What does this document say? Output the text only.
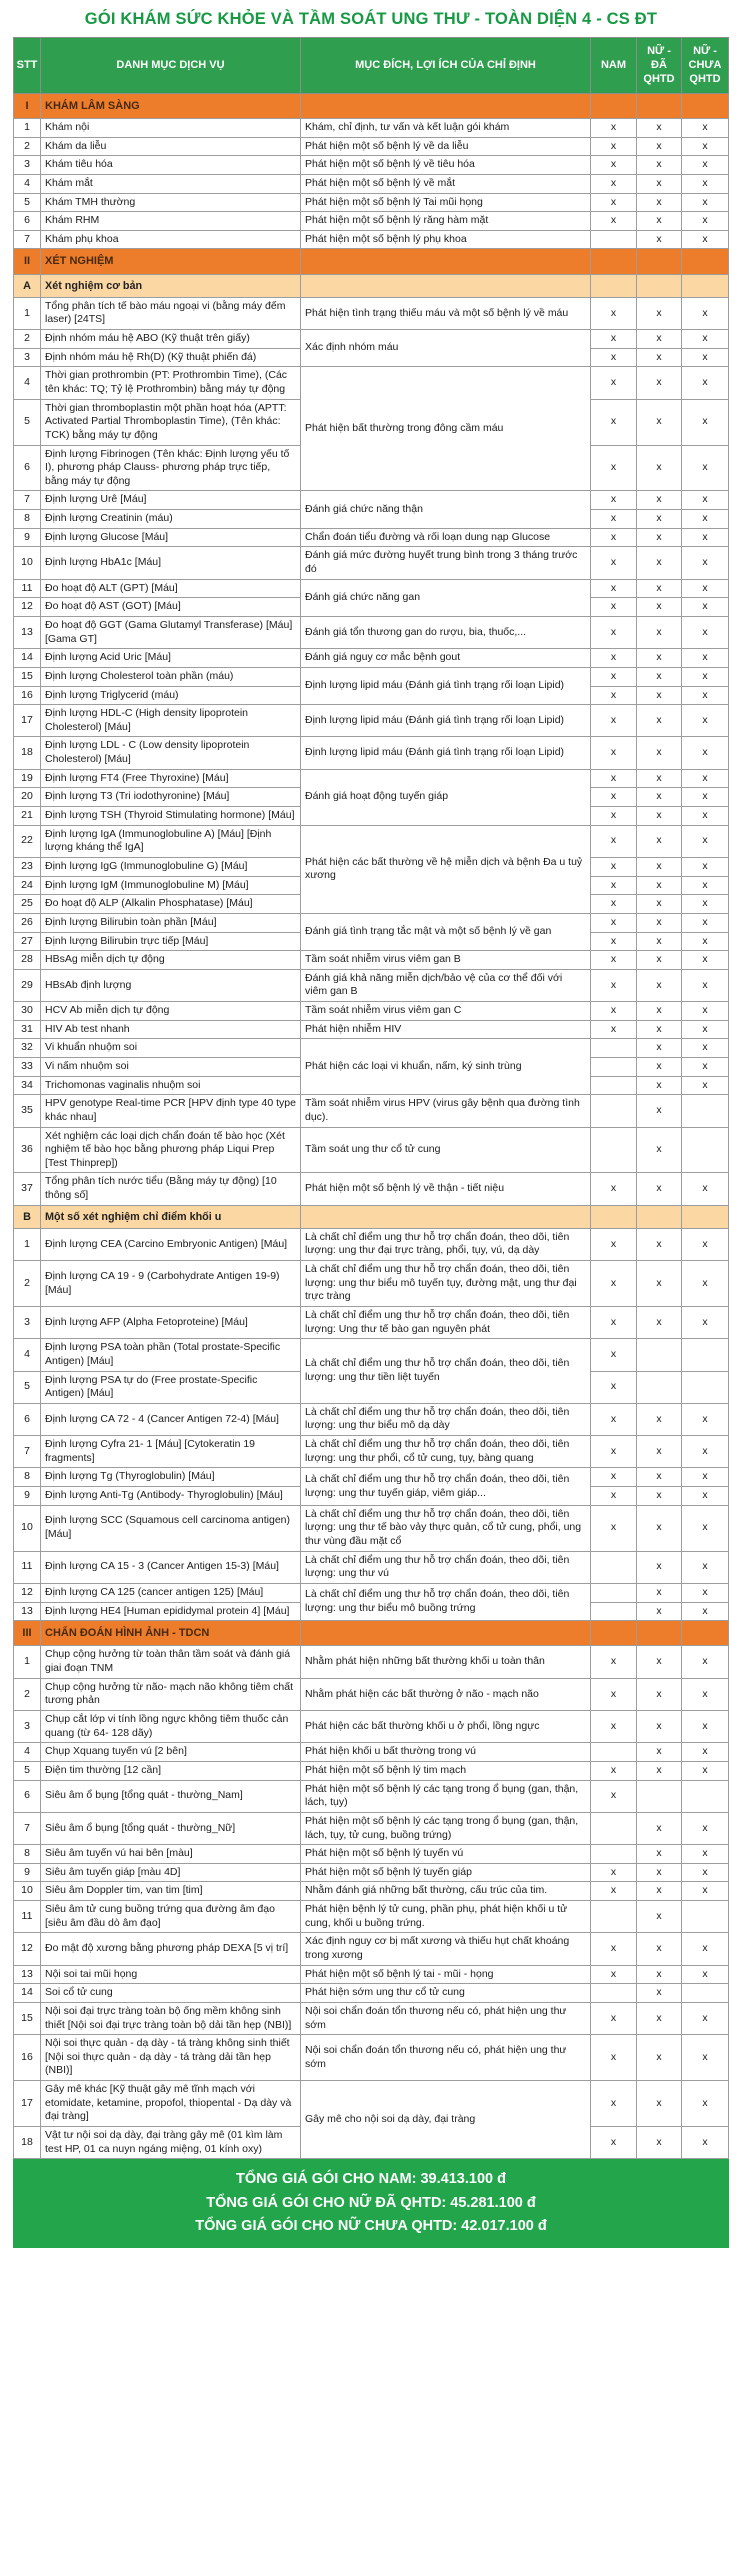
GÓI KHÁM SỨC KHỎE VÀ TẦM SOÁT UNG THƯ - TOÀN DIỆN 4 - CS ĐT
STT	DANH MỤC DỊCH VỤ	MỤC ĐÍCH, LỢI ÍCH CỦA CHỈ ĐỊNH	NAM	NỮ - ĐÃ QHTD	NỮ - CHƯA QHTD
I	KHÁM LÂM SÀNG				
1	Khám nội	Khám, chỉ định, tư vấn và kết luận gói khám	x	x	x
2	Khám da liễu	Phát hiện một số bệnh lý về da liễu	x	x	x
3	Khám tiêu hóa	Phát hiện một số bệnh lý về tiêu hóa	x	x	x
4	Khám mắt	Phát hiện một số bệnh lý về mắt	x	x	x
5	Khám TMH thường	Phát hiện một số bệnh lý Tai mũi họng	x	x	x
6	Khám RHM	Phát hiện một số bệnh lý răng hàm mặt	x	x	x
7	Khám phụ khoa	Phát hiện một số bệnh lý phụ khoa		x	x
II	XÉT NGHIỆM				
A	Xét nghiệm cơ bản				
1	Tổng phân tích tế bào máu ngoại vi (bằng máy đếm laser) [24TS]	Phát hiện tình trạng thiếu máu và một số bệnh lý về máu	x	x	x
2	Định nhóm máu hệ ABO (Kỹ thuật trên giấy)	Xác định nhóm máu	x	x	x
3	Định nhóm máu hệ Rh(D) (Kỹ thuật phiến đá)		x	x	x
4	Thời gian prothrombin (PT: Prothrombin Time), (Các tên khác: TQ; Tỷ lệ Prothrombin) bằng máy tự động	Phát hiện bất thường trong đông cầm máu	x	x	x
5	Thời gian thromboplastin một phần hoạt hóa (APTT: Activated Partial Thromboplastin Time), (Tên khác: TCK) bằng máy tự động		x	x	x
6	Định lượng Fibrinogen (Tên khác: Định lượng yếu tố I), phương pháp Clauss- phương pháp trực tiếp, bằng máy tự động		x	x	x
7	Định lượng Urê [Máu]	Đánh giá chức năng thận	x	x	x
8	Định lượng Creatinin (máu)		x	x	x
9	Định lượng Glucose [Máu]	Chẩn đoán tiểu đường và rối loạn dung nạp Glucose	x	x	x
10	Định lượng HbA1c [Máu]	Đánh giá mức đường huyết trung bình trong 3 tháng trước đó	x	x	x
11	Đo hoạt độ ALT (GPT) [Máu]	Đánh giá chức năng gan	x	x	x
12	Đo hoạt độ AST (GOT) [Máu]		x	x	x
13	Đo hoạt độ GGT (Gama Glutamyl Transferase) [Máu] [Gama GT]	Đánh giá tổn thương gan do rượu, bia, thuốc,...	x	x	x
14	Định lượng Acid Uric [Máu]	Đánh giá nguy cơ mắc bệnh gout	x	x	x
15	Định lượng Cholesterol toàn phần (máu)	Định lượng lipid máu (Đánh giá tình trạng rối loạn Lipid)	x	x	x
16	Định lượng Triglycerid (máu)		x	x	x
17	Định lượng HDL-C (High density lipoprotein Cholesterol) [Máu]	Định lượng lipid máu (Đánh giá tình trạng rối loạn Lipid)	x	x	x
18	Định lượng LDL - C (Low density lipoprotein Cholesterol) [Máu]	Định lượng lipid máu (Đánh giá tình trạng rối loạn Lipid)	x	x	x
19	Định lượng FT4 (Free Thyroxine) [Máu]	Đánh giá hoạt động tuyến giáp	x	x	x
20	Định lượng T3 (Tri iodothyronine) [Máu]		x	x	x
21	Định lượng TSH (Thyroid Stimulating hormone) [Máu]		x	x	x
22	Định lượng IgA (Immunoglobuline A) [Máu] [Định lượng kháng thể IgA]	Phát hiện các bất thường về hệ miễn dịch và bệnh Đa u tuỷ xương	x	x	x
23	Định lượng IgG (Immunoglobuline G) [Máu]		x	x	x
24	Định lượng IgM (Immunoglobuline M) [Máu]		x	x	x
25	Đo hoạt độ ALP (Alkalin Phosphatase) [Máu]		x	x	x
26	Định lượng Bilirubin toàn phần [Máu]	Đánh giá tình trạng tắc mật và một số bệnh lý về gan	x	x	x
27	Định lượng Bilirubin trực tiếp [Máu]		x	x	x
28	HBsAg miễn dịch tự động	Tầm soát nhiễm virus viêm gan B	x	x	x
29	HBsAb định lượng	Đánh giá khả năng miễn dịch/bảo vệ của cơ thể đối với viêm gan B	x	x	x
30	HCV Ab miễn dịch tự động	Tầm soát nhiễm virus viêm gan C	x	x	x
31	HIV Ab test nhanh	Phát hiện nhiễm HIV	x	x	x
32	Vi khuẩn nhuộm soi	Phát hiện các loại vi khuẩn, nấm, ký sinh trùng		x	x
33	Vi nấm nhuộm soi			x	x
34	Trichomonas vaginalis nhuộm soi			x	x
35	HPV genotype Real-time PCR [HPV định type 40 type khác nhau]	Tầm soát nhiễm virus HPV (virus gây bệnh qua đường tình dục).		x	
36	Xét nghiệm các loại dịch chẩn đoán tế bào học (Xét nghiệm tế bào học bằng phương pháp Liqui Prep [Test Thinprep])	Tầm soát ung thư cổ tử cung		x	
37	Tổng phân tích nước tiểu (Bằng máy tự động) [10 thông số]	Phát hiện một số bệnh lý về thận - tiết niệu	x	x	x
B	Một số xét nghiệm chỉ điểm khối u				
1	Định lượng CEA (Carcino Embryonic Antigen) [Máu]	Là chất chỉ điểm ung thư hỗ trợ chẩn đoán, theo dõi, tiên lượng: ung thư đại trực tràng, phổi, tụy, vú, dạ dày	x	x	x
2	Định lượng CA 19 - 9 (Carbohydrate Antigen 19-9) [Máu]	Là chất chỉ điểm ung thư hỗ trợ chẩn đoán, theo dõi, tiên lượng: ung thư biểu mô tuyến tụy, đường mật, ung thư đại trực tràng	x	x	x
3	Định lượng AFP (Alpha Fetoproteine) [Máu]	Là chất chỉ điểm ung thư hỗ trợ chẩn đoán, theo dõi, tiên lượng: Ung thư tế bào gan nguyên phát	x	x	x
4	Định lượng PSA toàn phần (Total prostate-Specific Antigen) [Máu]	Là chất chỉ điểm ung thư hỗ trợ chẩn đoán, theo dõi, tiên lượng: ung thư tiền liệt tuyến	x		
5	Định lượng PSA tự do (Free prostate-Specific Antigen) [Máu]		x		
6	Định lượng CA 72 - 4 (Cancer Antigen 72-4) [Máu]	Là chất chỉ điểm ung thư hỗ trợ chẩn đoán, theo dõi, tiên lượng: ung thư biểu mô dạ dày	x	x	x
7	Định lượng Cyfra 21- 1 [Máu] [Cytokeratin 19 fragments]	Là chất chỉ điểm ung thư hỗ trợ chẩn đoán, theo dõi, tiên lượng: ung thư phổi, cổ tử cung, tụy, bàng quang	x	x	x
8	Định lượng Tg (Thyroglobulin) [Máu]	Là chất chỉ điểm ung thư hỗ trợ chẩn đoán, theo dõi, tiên lượng: ung thư tuyến giáp, viêm giáp...	x	x	x
9	Định lượng Anti-Tg (Antibody- Thyroglobulin) [Máu]		x	x	x
10	Định lượng SCC (Squamous cell carcinoma antigen) [Máu]	Là chất chỉ điểm ung thư hỗ trợ chẩn đoán, theo dõi, tiên lượng: ung thư tế bào vảy thực quản, cổ tử cung, phổi, ung thư vùng đầu mặt cổ	x	x	x
11	Định lượng CA 15 - 3 (Cancer Antigen 15-3) [Máu]	Là chất chỉ điểm ung thư hỗ trợ chẩn đoán, theo dõi, tiên lượng: ung thư vú		x	x
12	Định lượng CA 125 (cancer antigen 125) [Máu]	Là chất chỉ điểm ung thư hỗ trợ chẩn đoán, theo dõi, tiên lượng: ung thư biểu mô buồng trứng		x	x
13	Định lượng HE4 [Human epididymal protein 4] [Máu]			x	x
III	CHẨN ĐOÁN HÌNH ẢNH - TDCN				
1	Chụp cộng hưởng từ toàn thân tầm soát và đánh giá giai đoạn TNM	Nhằm phát hiện những bất thường khối u toàn thân	x	x	x
2	Chụp cộng hưởng từ não- mạch não không tiêm chất tương phản	Nhằm phát hiện các bất thường ở não - mạch não	x	x	x
3	Chụp cắt lớp vi tính lồng ngực không tiêm thuốc cản quang (từ 64- 128 dãy)	Phát hiện các bất thường khối u ở phổi, lồng ngực	x	x	x
4	Chụp Xquang tuyến vú [2 bên]	Phát hiện khối u bất thường trong vú		x	x
5	Điện tim thường [12 cần]	Phát hiện một số bệnh lý tim mạch	x	x	x
6	Siêu âm ổ bụng [tổng quát - thường_Nam]	Phát hiện một số bệnh lý các tạng trong ổ bụng (gan, thận, lách, tụy)	x		
7	Siêu âm ổ bụng [tổng quát - thường_Nữ]	Phát hiện một số bệnh lý các tạng trong ổ bụng (gan, thận, lách, tụy, tử cung, buồng trứng)		x	x
8	Siêu âm tuyến vú hai bên [màu]	Phát hiện một số bệnh lý tuyến vú		x	x
9	Siêu âm tuyến giáp [màu 4D]	Phát hiện một số bệnh lý tuyến giáp	x	x	x
10	Siêu âm Doppler tim, van tim [tim]	Nhằm đánh giá những bất thường, cấu trúc của tim.	x	x	x
11	Siêu âm tử cung buồng trứng qua đường âm đạo [siêu âm đầu dò âm đạo]	Phát hiện bệnh lý tử cung, phần phụ, phát hiện khối u tử cung, khối u buồng trứng.		x	
12	Đo mật độ xương bằng phương pháp DEXA [5 vị trí]	Xác định nguy cơ bị mất xương và thiếu hụt chất khoáng trong xương	x	x	x
13	Nội soi tai mũi họng	Phát hiện một số bệnh lý tai - mũi - họng	x	x	x
14	Soi cổ tử cung	Phát hiện sớm ung thư cổ tử cung		x	
15	Nội soi đại trực tràng toàn bộ ống mềm không sinh thiết [Nội soi đại trực tràng toàn bộ dải tần hẹp (NBI)]	Nội soi chẩn đoán tổn thương nếu có, phát hiện ung thư sớm	x	x	x
16	Nội soi thực quản - dạ dày - tá tràng không sinh thiết [Nội soi thực quản - dạ dày - tá tràng dải tần hẹp (NBI)]	Nội soi chẩn đoán tổn thương nếu có, phát hiện ung thư sớm	x	x	x
17	Gây mê khác [Kỹ thuật gây mê tĩnh mạch với etomidate, ketamine, propofol, thiopental - Dạ dày và đại tràng]	Gây mê cho nội soi dạ dày, đại tràng	x	x	x
18	Vật tư nội soi dạ dày, đại tràng gây mê (01 kìm làm test HP, 01 ca nuyn ngáng miệng, 01 kính oxy)		x	x	x
TỔNG GIÁ GÓI CHO NAM: 39.413.100 đ
TỔNG GIÁ GÓI CHO NỮ ĐÃ QHTD: 45.281.100 đ
TỔNG GIÁ GÓI CHO NỮ CHƯA QHTD: 42.017.100 đ
